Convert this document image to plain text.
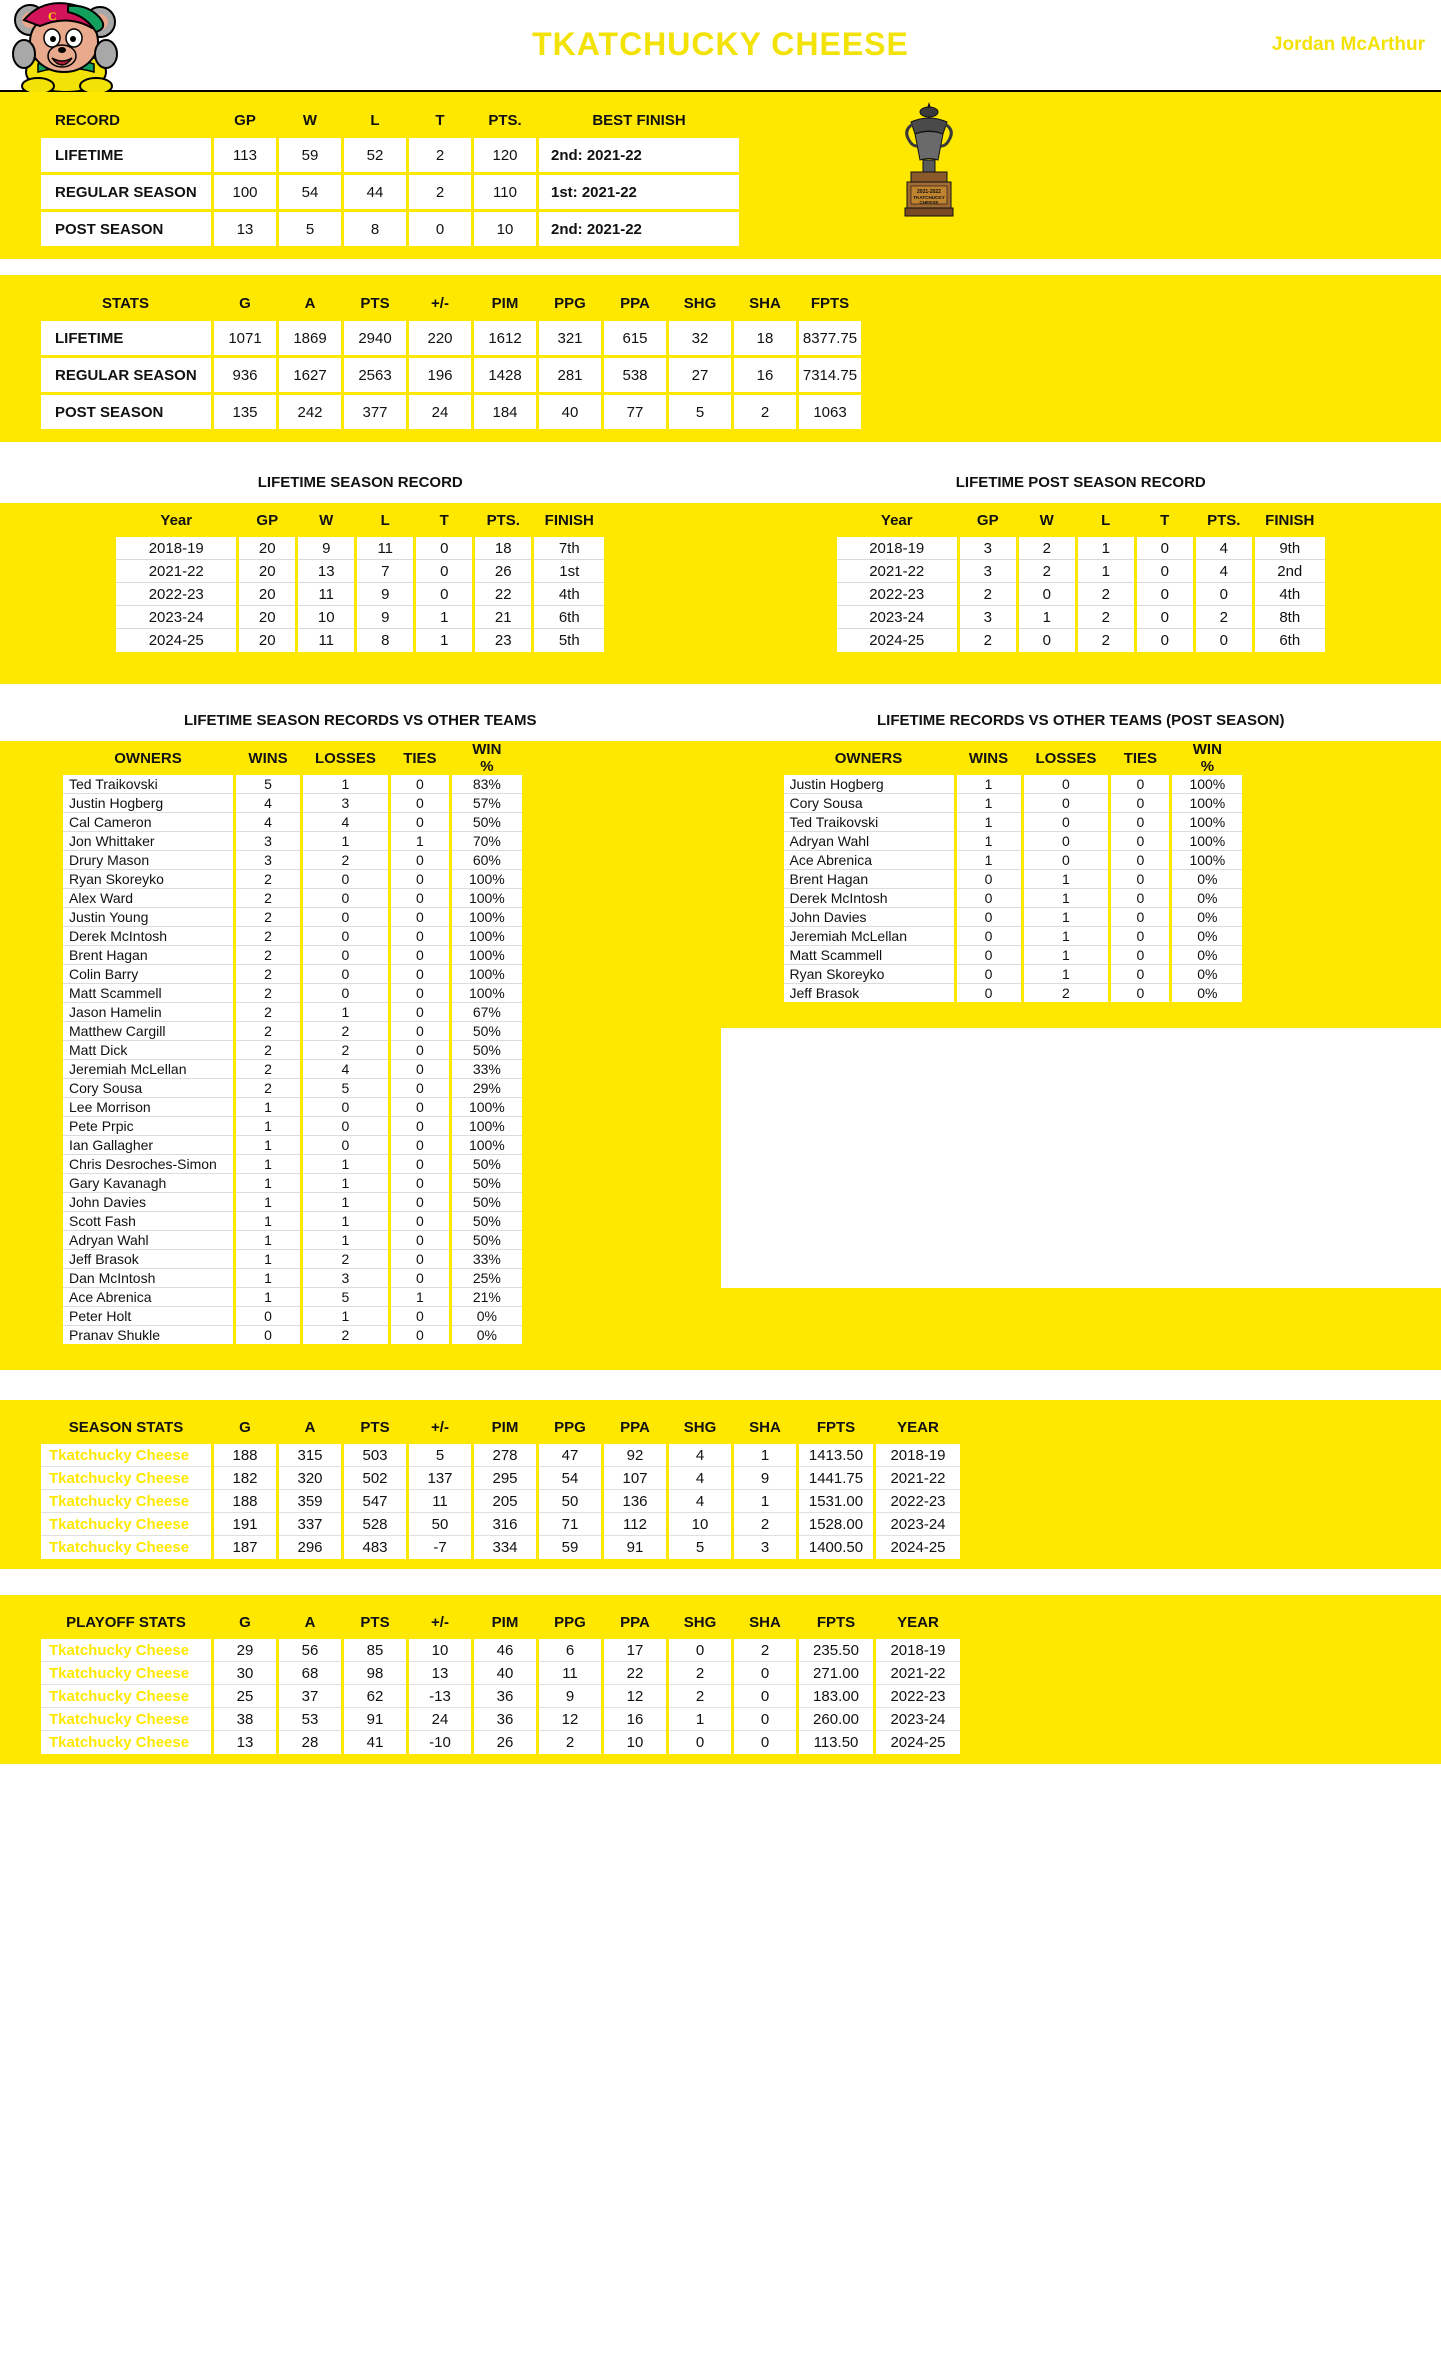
C
TKATCHUCKY CHEESE	Jordan McArthur
RECORD	GP	W	L	T	PTS.	BEST FINISH
LIFETIME	113	59	52	2	120	2nd: 2021-22
REGULAR SEASON	100	54	44	2	110	1st: 2021-22
POST SEASON	13	5	8	0	10	2nd: 2021-22
2021-2022
TKATCHUCKY
CHEESE
STATS	G	A	PTS	+/-	PIM	PPG	PPA	SHG	SHA	FPTS
LIFETIME	1071	1869	2940	220	1612	321	615	32	18	8377.75
REGULAR SEASON	936	1627	2563	196	1428	281	538	27	16	7314.75
POST SEASON	135	242	377	24	184	40	77	5	2	1063
LIFETIME SEASON RECORD
Year	GP	W	L	T	PTS.	FINISH
2018-19	20	9	11	0	18	7th
2021-22	20	13	7	0	26	1st
2022-23	20	11	9	0	22	4th
2023-24	20	10	9	1	21	6th
2024-25	20	11	8	1	23	5th
LIFETIME POST SEASON RECORD
Year	GP	W	L	T	PTS.	FINISH
2018-19	3	2	1	0	4	9th
2021-22	3	2	1	0	4	2nd
2022-23	2	0	2	0	0	4th
2023-24	3	1	2	0	2	8th
2024-25	2	0	2	0	0	6th
LIFETIME SEASON RECORDS VS OTHER TEAMS
OWNERS	WINS	LOSSES	TIES	WIN %
Ted Traikovski	5	1	0	83%
Justin Hogberg	4	3	0	57%
Cal Cameron	4	4	0	50%
Jon Whittaker	3	1	1	70%
Drury Mason	3	2	0	60%
Ryan Skoreyko	2	0	0	100%
Alex Ward	2	0	0	100%
Justin Young	2	0	0	100%
Derek McIntosh	2	0	0	100%
Brent Hagan	2	0	0	100%
Colin Barry	2	0	0	100%
Matt Scammell	2	0	0	100%
Jason Hamelin	2	1	0	67%
Matthew Cargill	2	2	0	50%
Matt Dick	2	2	0	50%
Jeremiah McLellan	2	4	0	33%
Cory Sousa	2	5	0	29%
Lee Morrison	1	0	0	100%
Pete Prpic	1	0	0	100%
Ian Gallagher	1	0	0	100%
Chris Desroches-Simon	1	1	0	50%
Gary Kavanagh	1	1	0	50%
John Davies	1	1	0	50%
Scott Fash	1	1	0	50%
Adryan Wahl	1	1	0	50%
Jeff Brasok	1	2	0	33%
Dan McIntosh	1	3	0	25%
Ace Abrenica	1	5	1	21%
Peter Holt	0	1	0	0%
Pranav Shukle	0	2	0	0%
LIFETIME RECORDS VS OTHER TEAMS (POST SEASON)
OWNERS	WINS	LOSSES	TIES	WIN %
Justin Hogberg	1	0	0	100%
Cory Sousa	1	0	0	100%
Ted Traikovski	1	0	0	100%
Adryan Wahl	1	0	0	100%
Ace Abrenica	1	0	0	100%
Brent Hagan	0	1	0	0%
Derek McIntosh	0	1	0	0%
John Davies	0	1	0	0%
Jeremiah McLellan	0	1	0	0%
Matt Scammell	0	1	0	0%
Ryan Skoreyko	0	1	0	0%
Jeff Brasok	0	2	0	0%
SEASON STATS	G	A	PTS	+/-	PIM	PPG	PPA	SHG	SHA	FPTS	YEAR
Tkatchucky Cheese	188	315	503	5	278	47	92	4	1	1413.50	2018-19
Tkatchucky Cheese	182	320	502	137	295	54	107	4	9	1441.75	2021-22
Tkatchucky Cheese	188	359	547	11	205	50	136	4	1	1531.00	2022-23
Tkatchucky Cheese	191	337	528	50	316	71	112	10	2	1528.00	2023-24
Tkatchucky Cheese	187	296	483	-7	334	59	91	5	3	1400.50	2024-25
PLAYOFF STATS	G	A	PTS	+/-	PIM	PPG	PPA	SHG	SHA	FPTS	YEAR
Tkatchucky Cheese	29	56	85	10	46	6	17	0	2	235.50	2018-19
Tkatchucky Cheese	30	68	98	13	40	11	22	2	0	271.00	2021-22
Tkatchucky Cheese	25	37	62	-13	36	9	12	2	0	183.00	2022-23
Tkatchucky Cheese	38	53	91	24	36	12	16	1	0	260.00	2023-24
Tkatchucky Cheese	13	28	41	-10	26	2	10	0	0	113.50	2024-25
